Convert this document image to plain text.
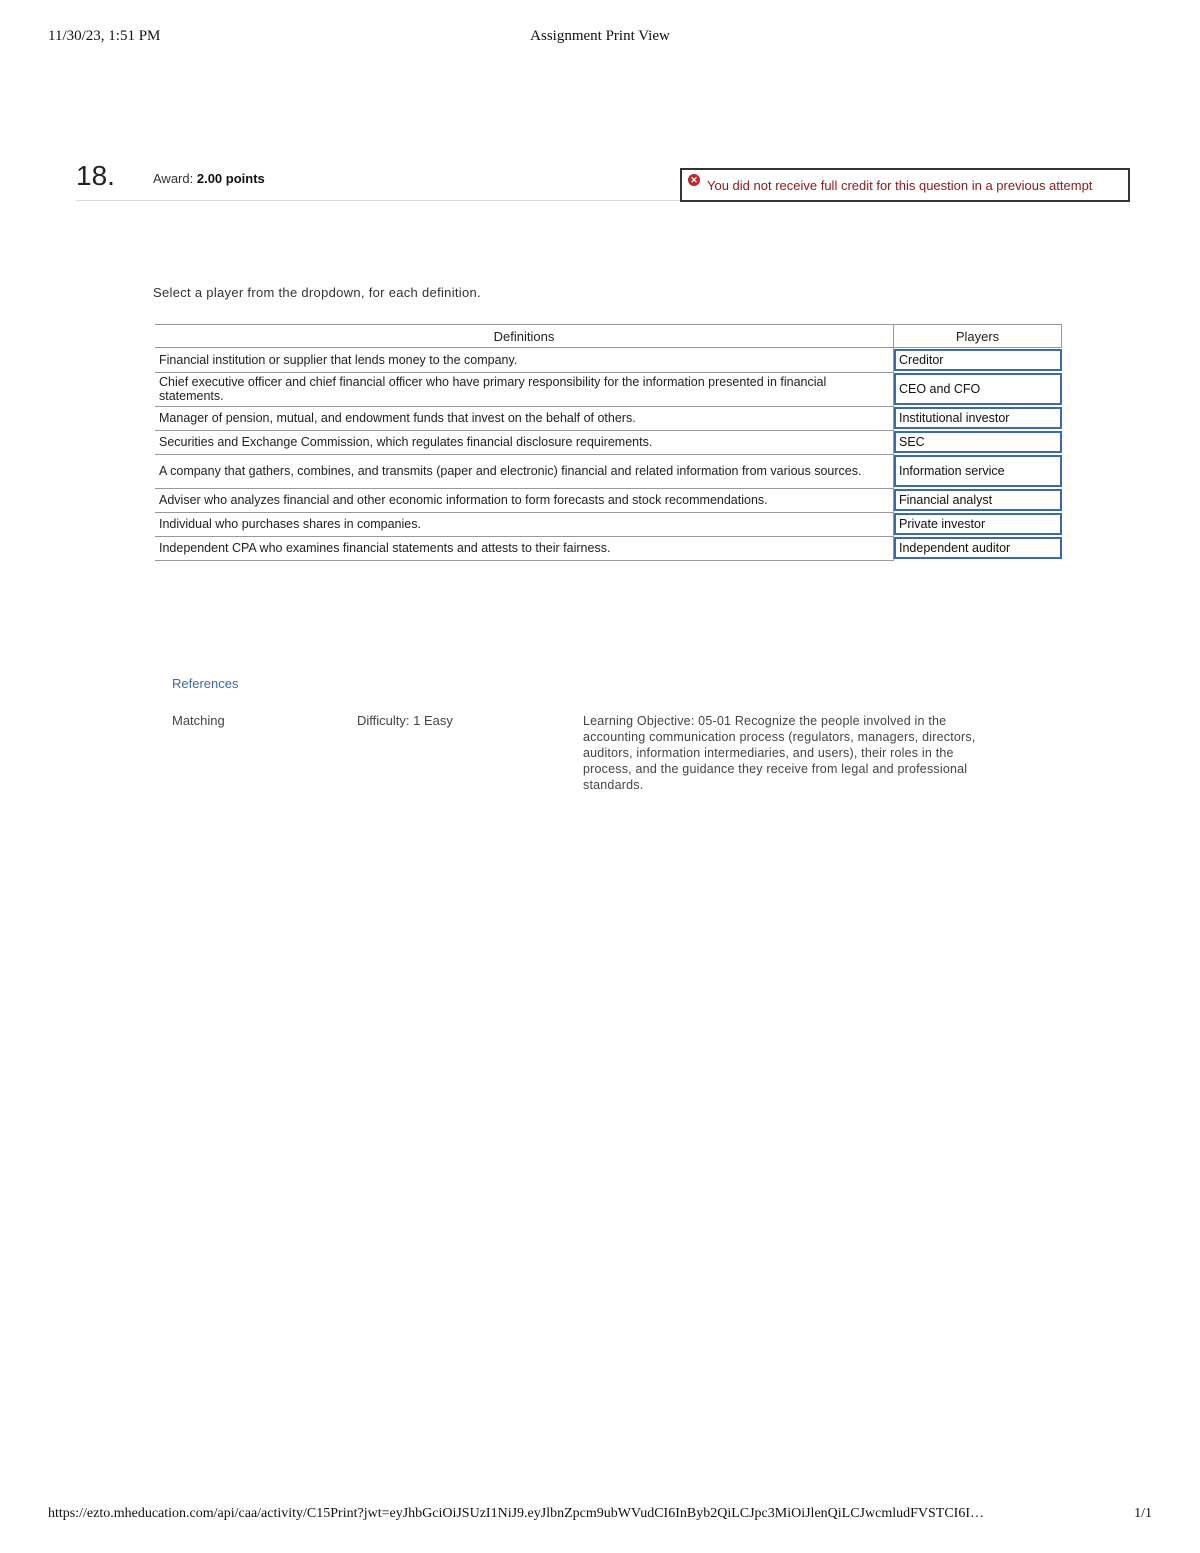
11/30/23, 1:51 PM	Assignment Print View
18.	Award: 2.00 points	✕ You did not receive full credit for this question in a previous attempt
Select a player from the dropdown, for each definition.
Definitions	Players
Financial institution or supplier that lends money to the company.	Creditor

Chief executive officer and chief financial officer who have primary responsibility for the information presented in financial statements.	CEO and CFO

Manager of pension, mutual, and endowment funds that invest on the behalf of others.	Institutional investor

Securities and Exchange Commission, which regulates financial disclosure requirements.	SEC

A company that gathers, combines, and transmits (paper and electronic) financial and related information from various sources.	Information service

Adviser who analyzes financial and other economic information to form forecasts and stock recommendations.	Financial analyst

Individual who purchases shares in companies.	Private investor

Independent CPA who examines financial statements and attests to their fairness.	Independent auditor
References
Matching	Difficulty: 1 Easy	Learning Objective: 05-01 Recognize the people involved in the accounting communication process (regulators, managers, directors, auditors, information intermediaries, and users), their roles in the process, and the guidance they receive from legal and professional standards.
https://ezto.mheducation.com/api/caa/activity/C15Print?jwt=eyJhbGciOiJSUzI1NiJ9.eyJlbnZpcm9ubWVudCI6InByb2QiLCJpc3MiOiJlenQiLCJwcmludFVSTCI6I…	1/1
